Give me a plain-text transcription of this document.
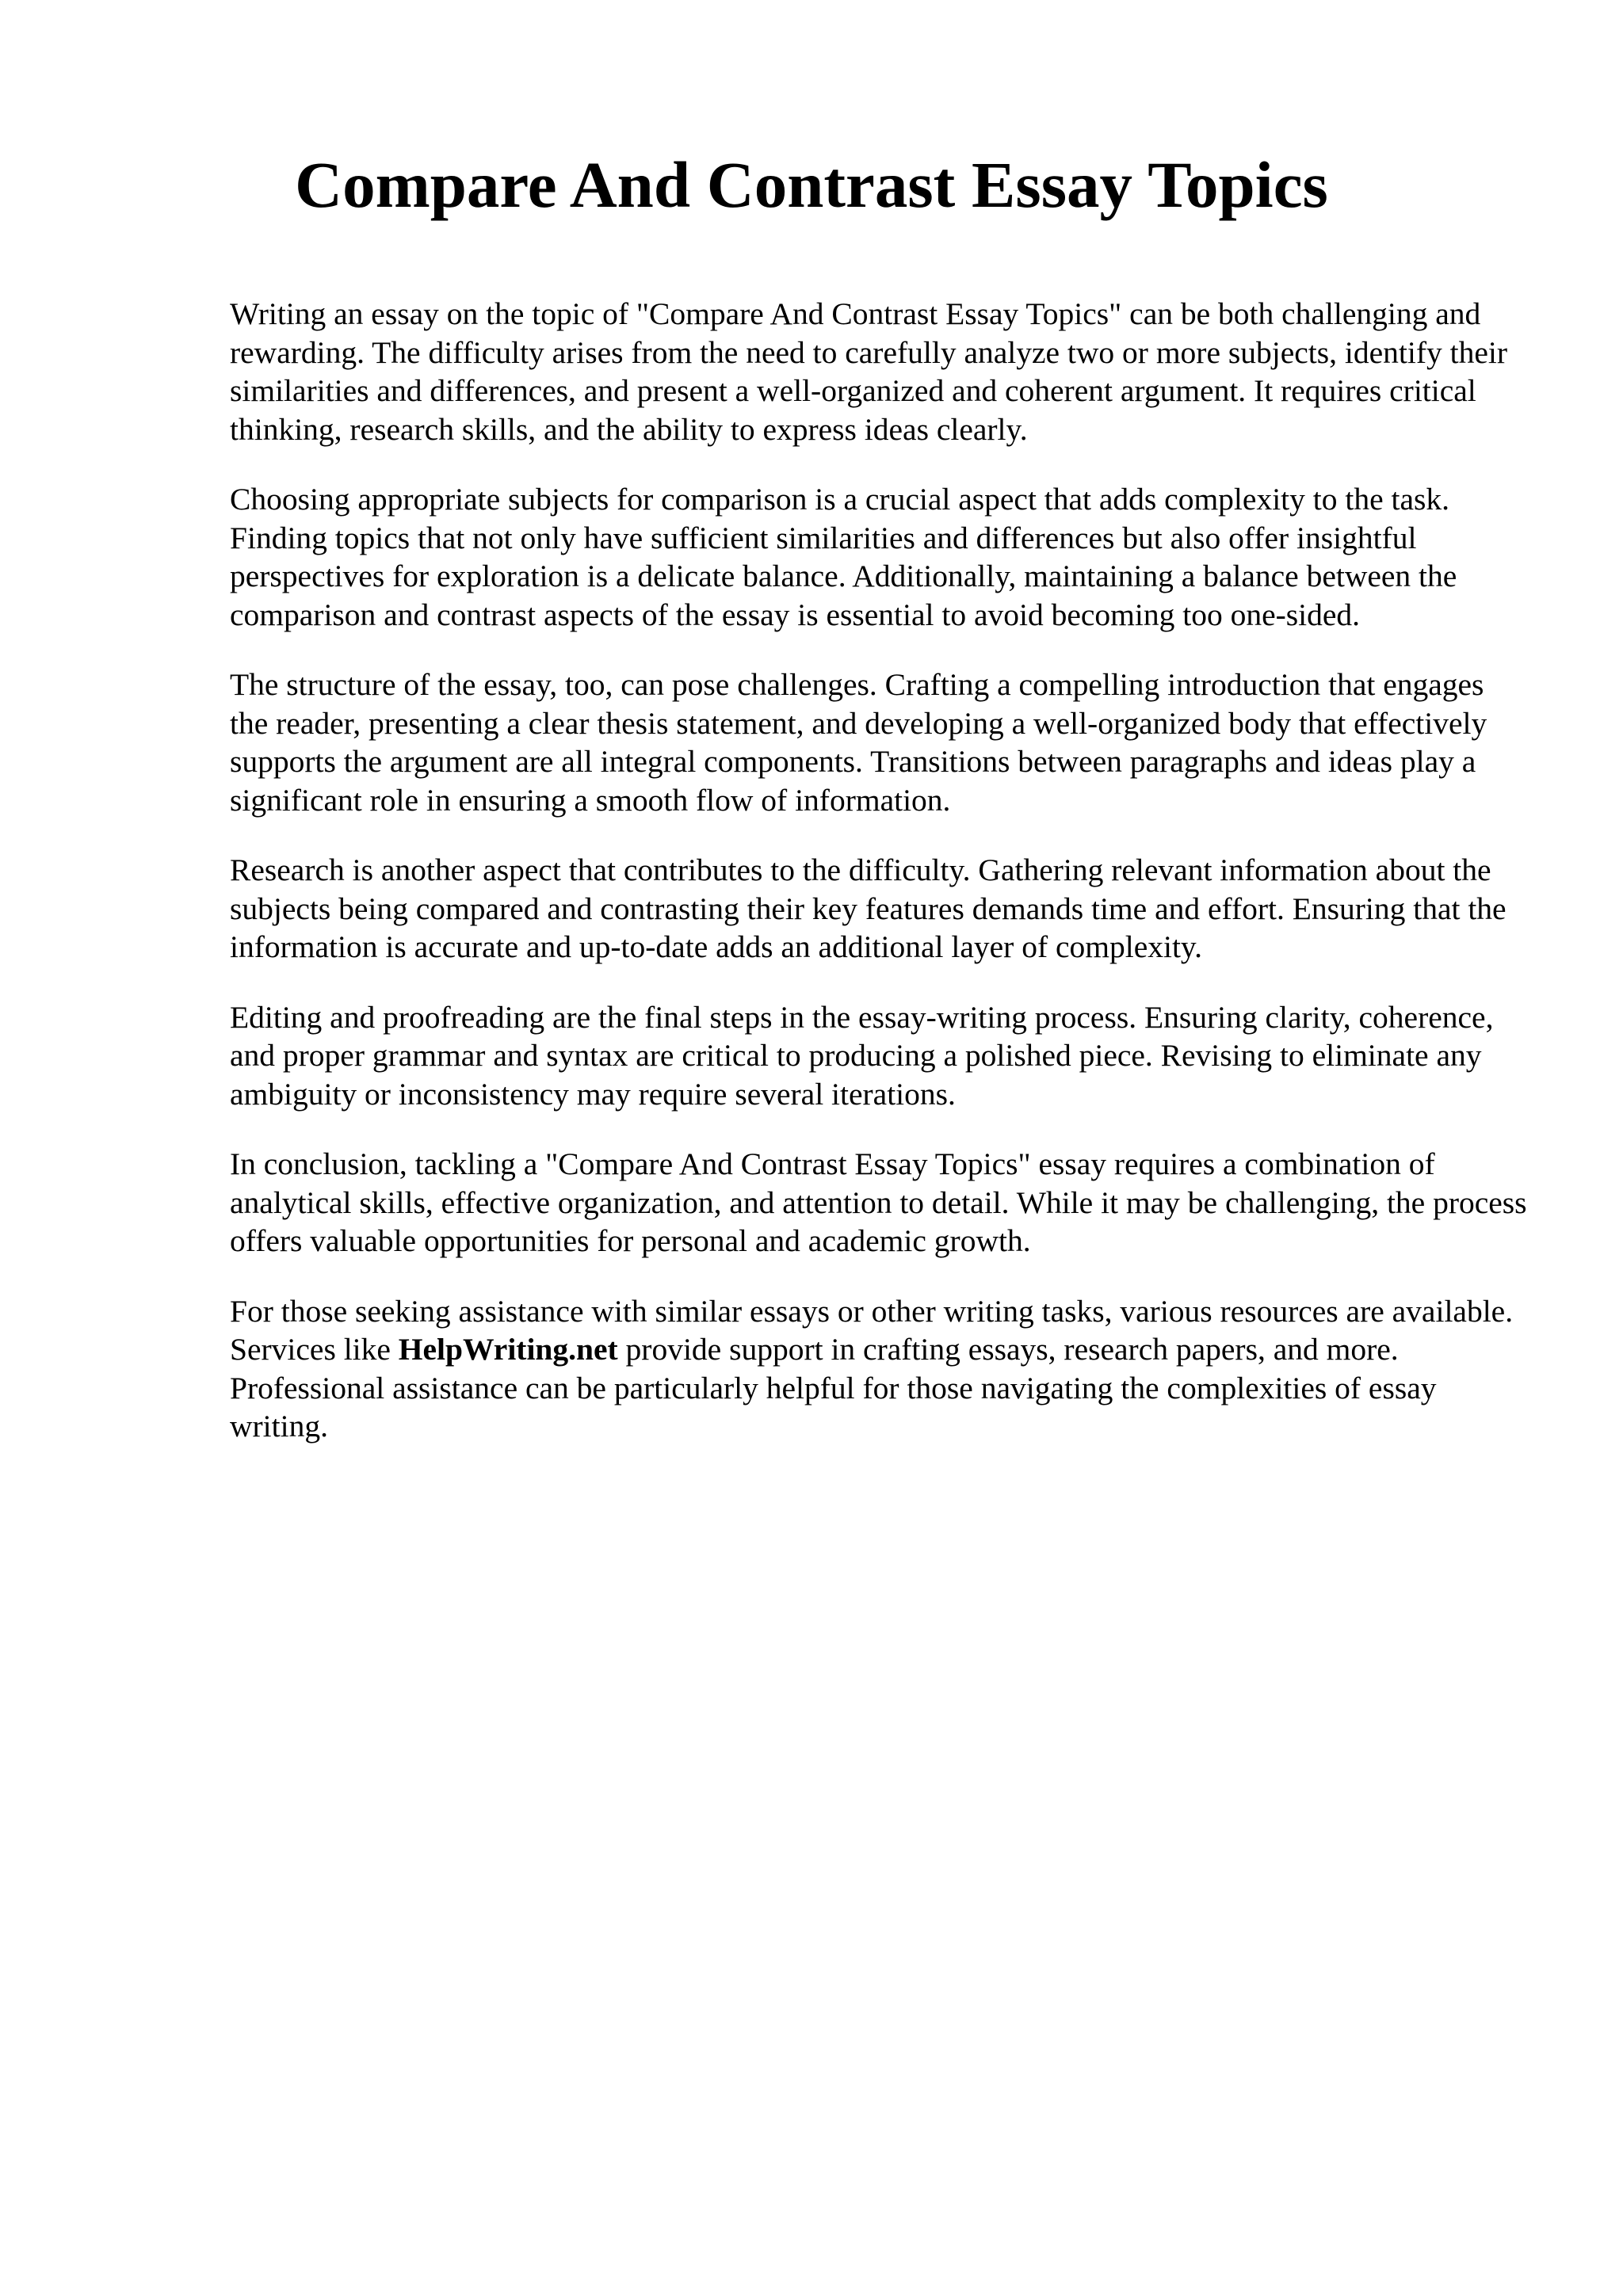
Compare And Contrast Essay Topics

Writing an essay on the topic of "Compare And Contrast Essay Topics" can be both challenging and rewarding. The difficulty arises from the need to carefully analyze two or more subjects, identify their similarities and differences, and present a well-organized and coherent argument. It requires critical thinking, research skills, and the ability to express ideas clearly.

Choosing appropriate subjects for comparison is a crucial aspect that adds complexity to the task. Finding topics that not only have sufficient similarities and differences but also offer insightful perspectives for exploration is a delicate balance. Additionally, maintaining a balance between the comparison and contrast aspects of the essay is essential to avoid becoming too one-sided.

The structure of the essay, too, can pose challenges. Crafting a compelling introduction that engages the reader, presenting a clear thesis statement, and developing a well-organized body that effectively supports the argument are all integral components. Transitions between paragraphs and ideas play a significant role in ensuring a smooth flow of information.

Research is another aspect that contributes to the difficulty. Gathering relevant information about the subjects being compared and contrasting their key features demands time and effort. Ensuring that the information is accurate and up-to-date adds an additional layer of complexity.

Editing and proofreading are the final steps in the essay-writing process. Ensuring clarity, coherence, and proper grammar and syntax are critical to producing a polished piece. Revising to eliminate any ambiguity or inconsistency may require several iterations.

In conclusion, tackling a "Compare And Contrast Essay Topics" essay requires a combination of analytical skills, effective organization, and attention to detail. While it may be challenging, the process offers valuable opportunities for personal and academic growth.

For those seeking assistance with similar essays or other writing tasks, various resources are available. Services like HelpWriting.net provide support in crafting essays, research papers, and more. Professional assistance can be particularly helpful for those navigating the complexities of essay writing.
